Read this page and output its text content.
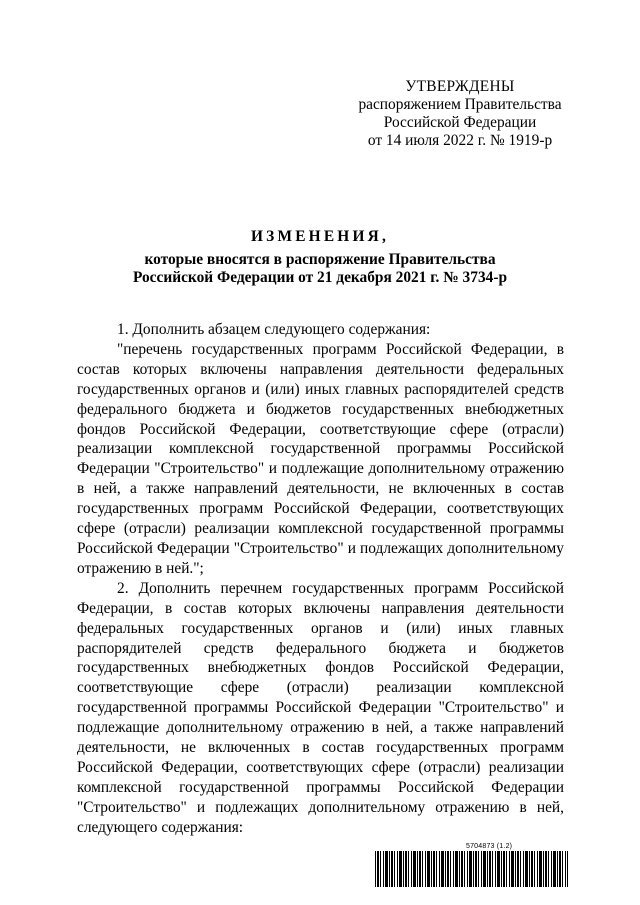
УТВЕРЖДЕНЫ
распоряжением Правительства
Российской Федерации
от 14 июля 2022 г. № 1919-р
ИЗМЕНЕНИЯ,
которые вносятся в распоряжение Правительства
Российской Федерации от 21 декабря 2021 г. № 3734-р

1. Дополнить абзацем следующего содержания:

"перечень государственных программ Российской Федерации, в состав которых включены направления деятельности федеральных государственных органов и (или) иных главных распорядителей средств федерального бюджета и бюджетов государственных внебюджетных фондов Российской Федерации, соответствующие сфере (отрасли) реализации комплексной государственной программы Российской Федерации "Строительство" и подлежащие дополнительному отражению в ней, а также направлений деятельности, не включенных в состав государственных программ Российской Федерации, соответствующих сфере (отрасли) реализации комплексной государственной программы Российской Федерации "Строительство" и подлежащих дополнительному отражению в ней.";

2. Дополнить перечнем государственных программ Российской Федерации, в состав которых включены направления деятельности федеральных государственных органов и (или) иных главных распорядителей средств федерального бюджета и бюджетов государственных внебюджетных фондов Российской Федерации, соответствующие сфере (отрасли) реализации комплексной государственной программы Российской Федерации "Строительство" и подлежащие дополнительному отражению в ней, а также направлений деятельности, не включенных в состав государственных программ Российской Федерации, соответствующих сфере (отрасли) реализации комплексной государственной программы Российской Федерации "Строительство" и подлежащих дополнительному отражению в ней, следующего содержания:

5704873 (1.2)
